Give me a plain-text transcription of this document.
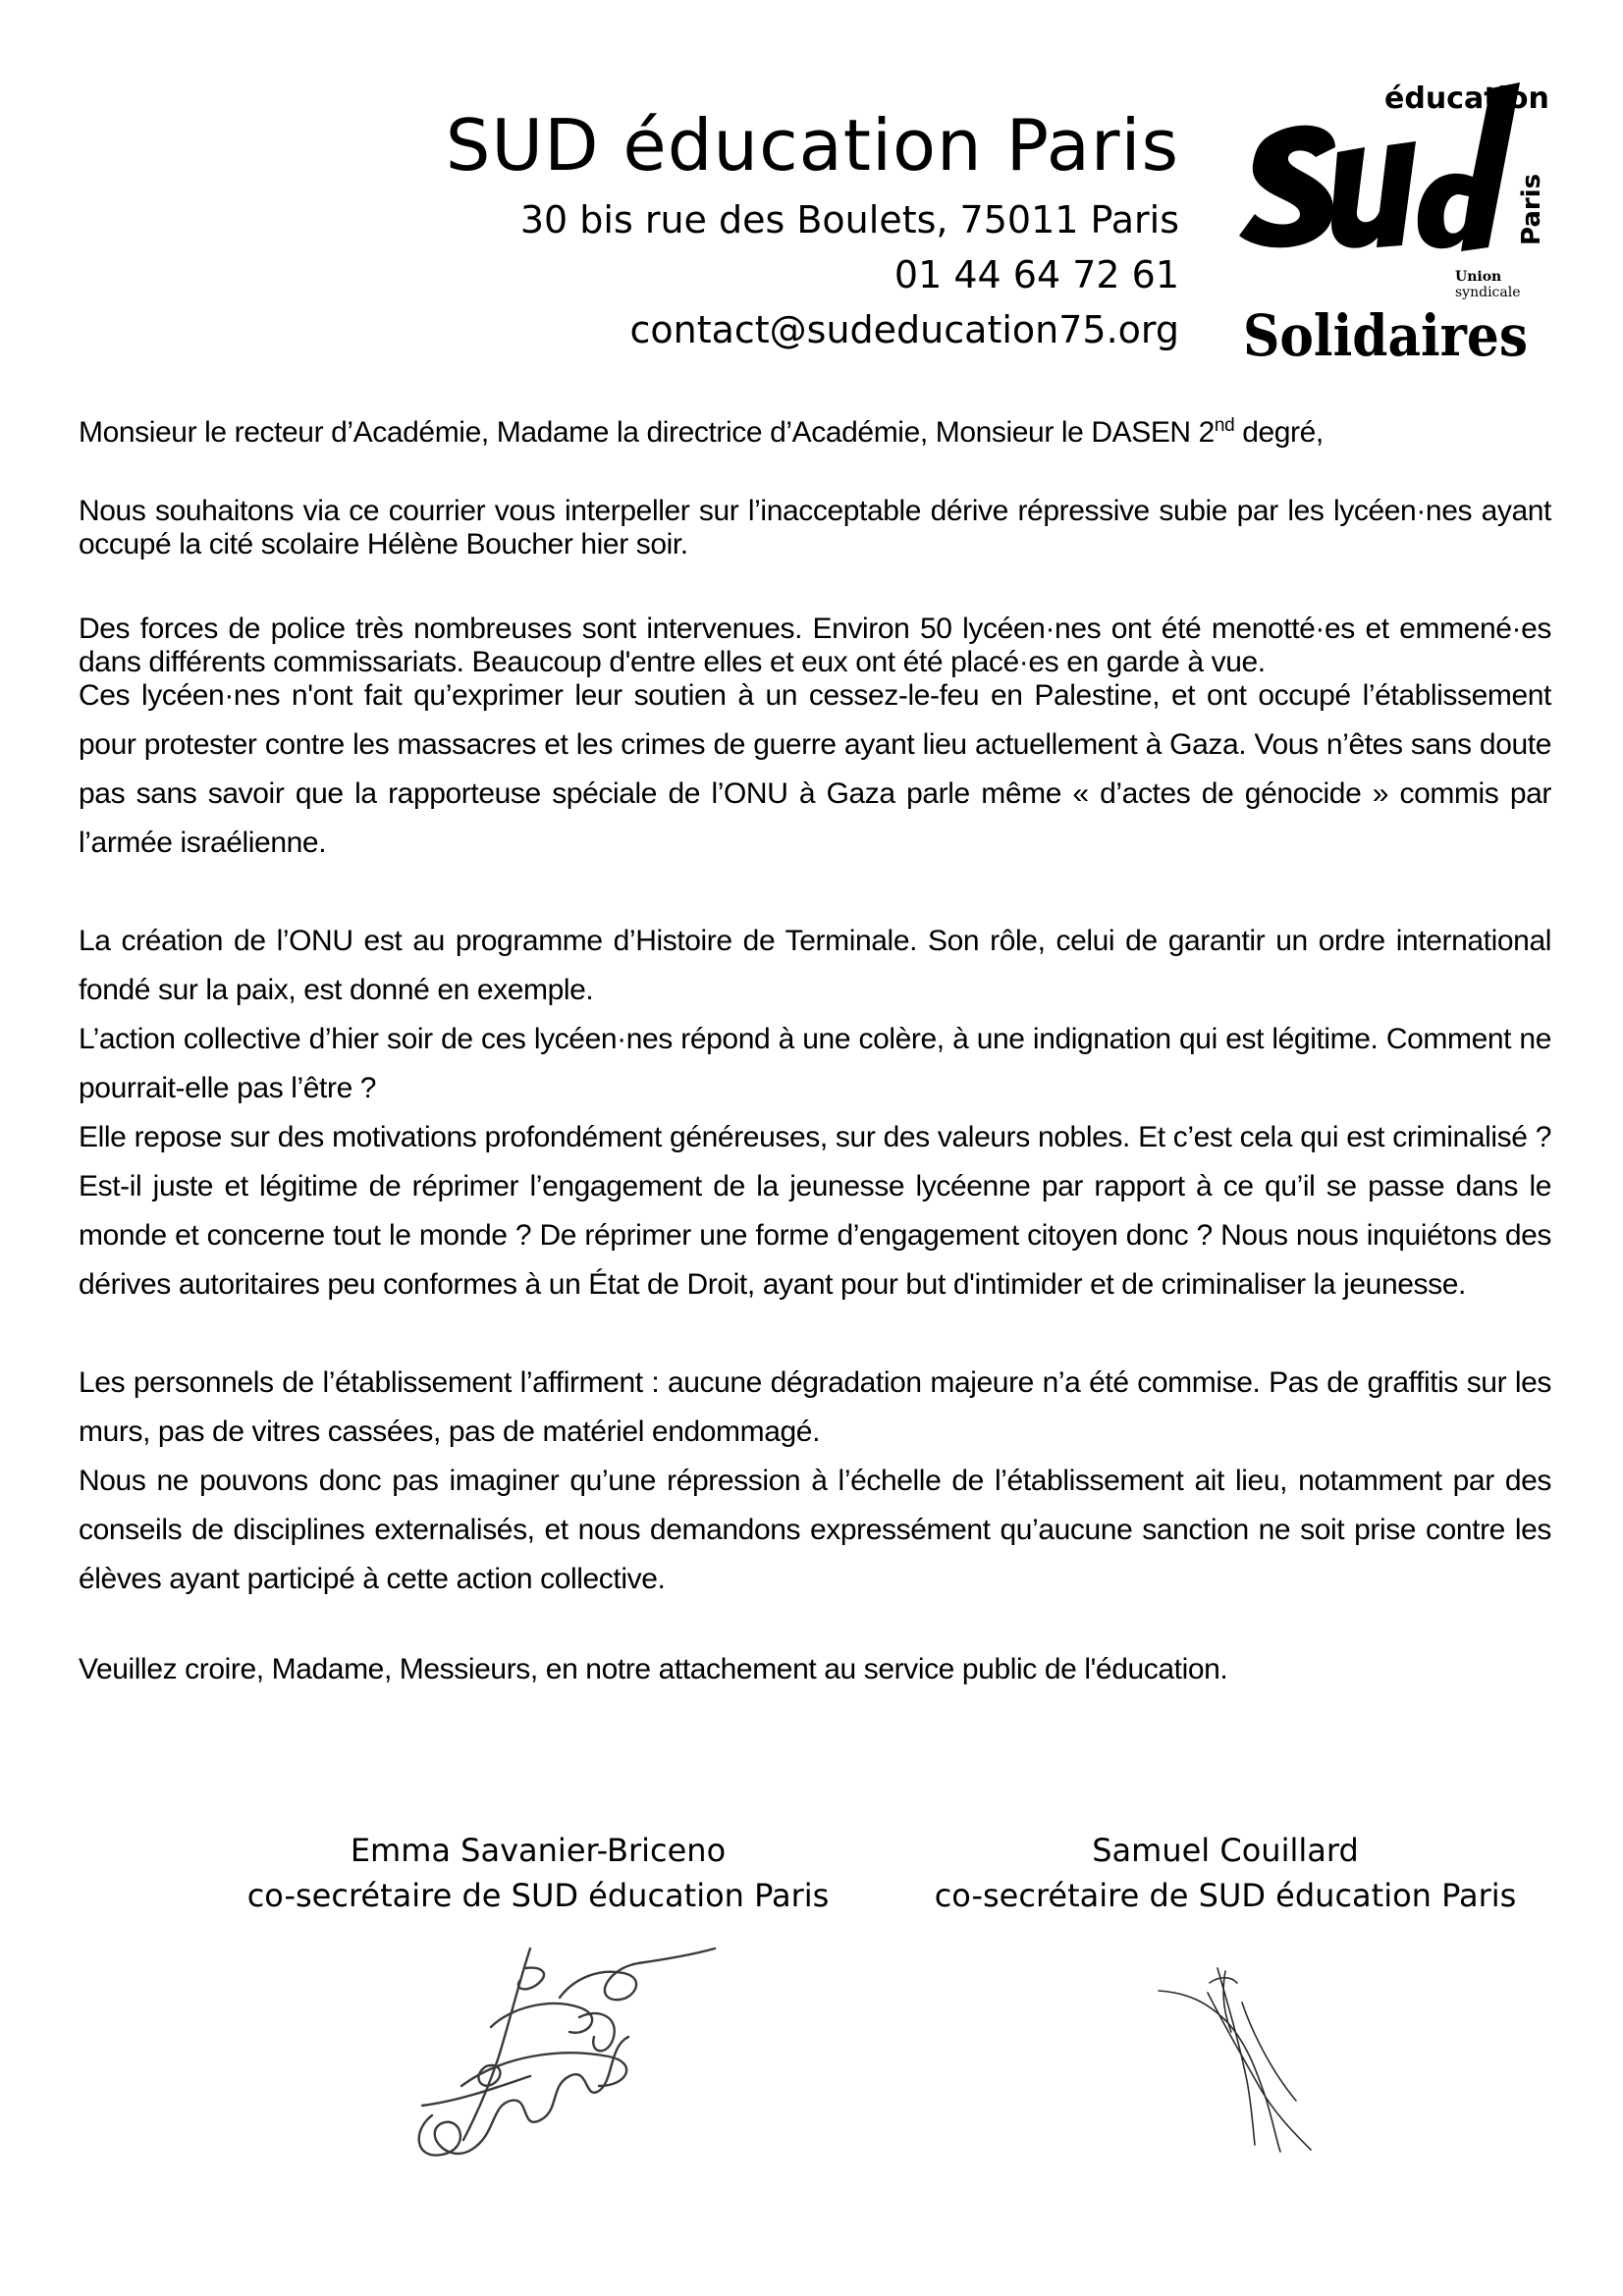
SUD éducation Paris
30 bis rue des Boulets, 75011 Paris
01 44 64 72 61
contact@sudeducation75.org
éducation
Paris
Union
syndicale
Solidaires

Monsieur le recteur d’Académie, Madame la directrice d’Académie, Monsieur le DASEN 2nd degré,

Nous souhaitons via ce courrier vous interpeller sur l’inacceptable dérive répressive subie par les lycéen·nes ayant occupé la cité scolaire Hélène Boucher hier soir.

Des forces de police très nombreuses sont intervenues. Environ 50 lycéen·nes ont été menotté·es et emmené·es dans différents commissariats. Beaucoup d'entre elles et eux ont été placé·es en garde à vue.

Ces lycéen·nes n'ont fait qu’exprimer leur soutien à un cessez-le-feu en Palestine, et ont occupé l’établissement pour protester contre les massacres et les crimes de guerre ayant lieu actuellement à Gaza. Vous n’êtes sans doute pas sans savoir que la rapporteuse spéciale de l’ONU à Gaza parle même « d’actes de génocide » commis par l’armée israélienne.

La création de l’ONU est au programme d’Histoire de Terminale. Son rôle, celui de garantir un ordre international fondé sur la paix, est donné en exemple.

L’action collective d’hier soir de ces lycéen·nes répond à une colère, à une indignation qui est légitime. Comment ne pourrait-elle pas l’être ?

Elle repose sur des motivations profondément généreuses, sur des valeurs nobles. Et c’est cela qui est criminalisé ? Est-il juste et légitime de réprimer l’engagement de la jeunesse lycéenne par rapport à ce qu’il se passe dans le monde et concerne tout le monde ? De réprimer une forme d’engagement citoyen donc ? Nous nous inquiétons des dérives autoritaires peu conformes à un État de Droit, ayant pour but d'intimider et de criminaliser la jeunesse.

Les personnels de l’établissement l’affirment : aucune dégradation majeure n’a été commise. Pas de graffitis sur les murs, pas de vitres cassées, pas de matériel endommagé.

Nous ne pouvons donc pas imaginer qu’une répression à l’échelle de l’établissement ait lieu, notamment par des conseils de disciplines externalisés, et nous demandons expressément qu’aucune sanction ne soit prise contre les élèves ayant participé à cette action collective.

Veuillez croire, Madame, Messieurs, en notre attachement au service public de l'éducation.

Emma Savanier-Briceno
co-secrétaire de SUD éducation Paris
Samuel Couillard
co-secrétaire de SUD éducation Paris
